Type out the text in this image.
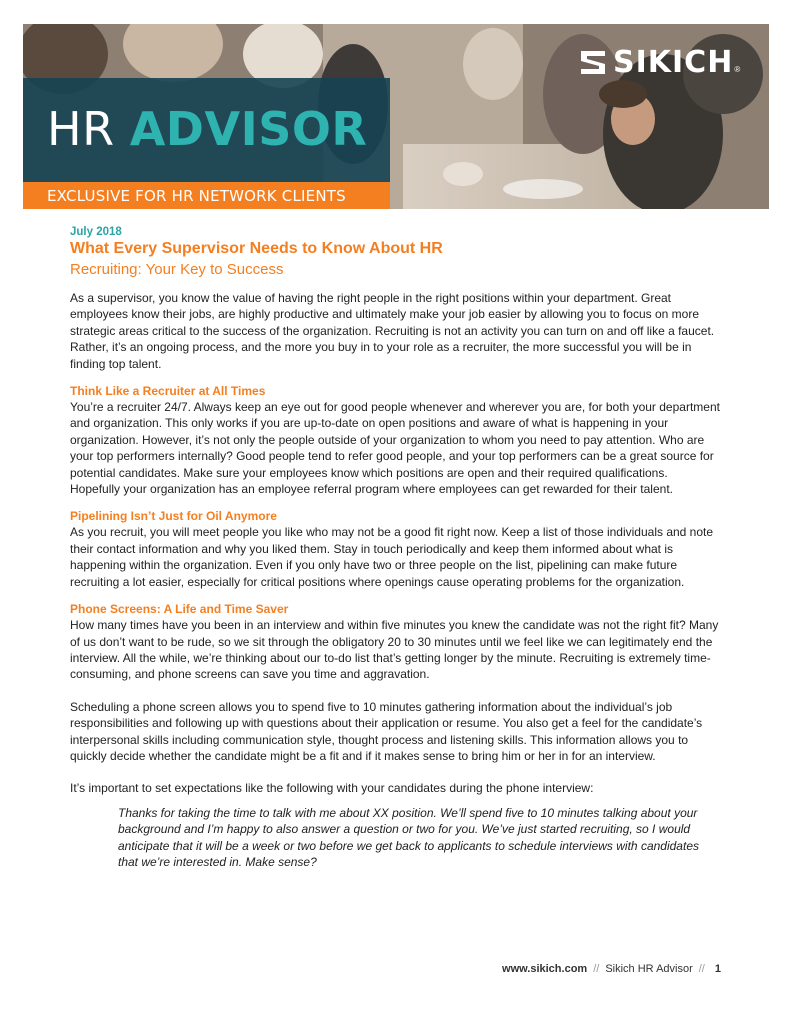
HR ADVISOR
EXCLUSIVE FOR HR NETWORK CLIENTS
SIKICH ®
July 2018
What Every Supervisor Needs to Know About HR
Recruiting: Your Key to Success

As a supervisor, you know the value of having the right people in the right positions within your department. Great employees know their jobs, are highly productive and ultimately make your job easier by allowing you to focus on more strategic areas critical to the success of the organization. Recruiting is not an activity you can turn on and off like a faucet. Rather, it’s an ongoing process, and the more you buy in to your role as a recruiter, the more successful you will be in finding top talent.

Think Like a Recruiter at All Times

You’re a recruiter 24/7. Always keep an eye out for good people whenever and wherever you are, for both your department and organization. This only works if you are up-to-date on open positions and aware of what is happening in your organization. However, it’s not only the people outside of your organization to whom you need to pay attention. Who are your top performers internally? Good people tend to refer good people, and your top performers can be a great source for potential candidates. Make sure your employees know which positions are open and their required qualifications. Hopefully your organization has an employee referral program where employees can get rewarded for their talent.

Pipelining Isn’t Just for Oil Anymore

As you recruit, you will meet people you like who may not be a good fit right now. Keep a list of those individuals and note their contact information and why you liked them. Stay in touch periodically and keep them informed about what is happening within the organization. Even if you only have two or three people on the list, pipelining can make future recruiting a lot easier, especially for critical positions where openings cause operating problems for the organization.

Phone Screens: A Life and Time Saver

How many times have you been in an interview and within five minutes you knew the candidate was not the right fit? Many of us don’t want to be rude, so we sit through the obligatory 20 to 30 minutes until we feel like we can legitimately end the interview. All the while, we’re thinking about our to-do list that’s getting longer by the minute. Recruiting is extremely time-consuming, and phone screens can save you time and aggravation.

Scheduling a phone screen allows you to spend five to 10 minutes gathering information about the individual’s job responsibilities and following up with questions about their application or resume. You also get a feel for the candidate’s interpersonal skills including communication style, thought process and listening skills. This information allows you to quickly decide whether the candidate might be a fit and if it makes sense to bring him or her in for an interview.

It’s important to set expectations like the following with your candidates during the phone interview:

Thanks for taking the time to talk with me about XX position. We’ll spend five to 10 minutes talking about your background and I’m happy to also answer a question or two for you. We’ve just started recruiting, so I would anticipate that it will be a week or two before we get back to applicants to schedule interviews with candidates that we’re interested in. Make sense?
www.sikich.com // Sikich HR Advisor // 1
